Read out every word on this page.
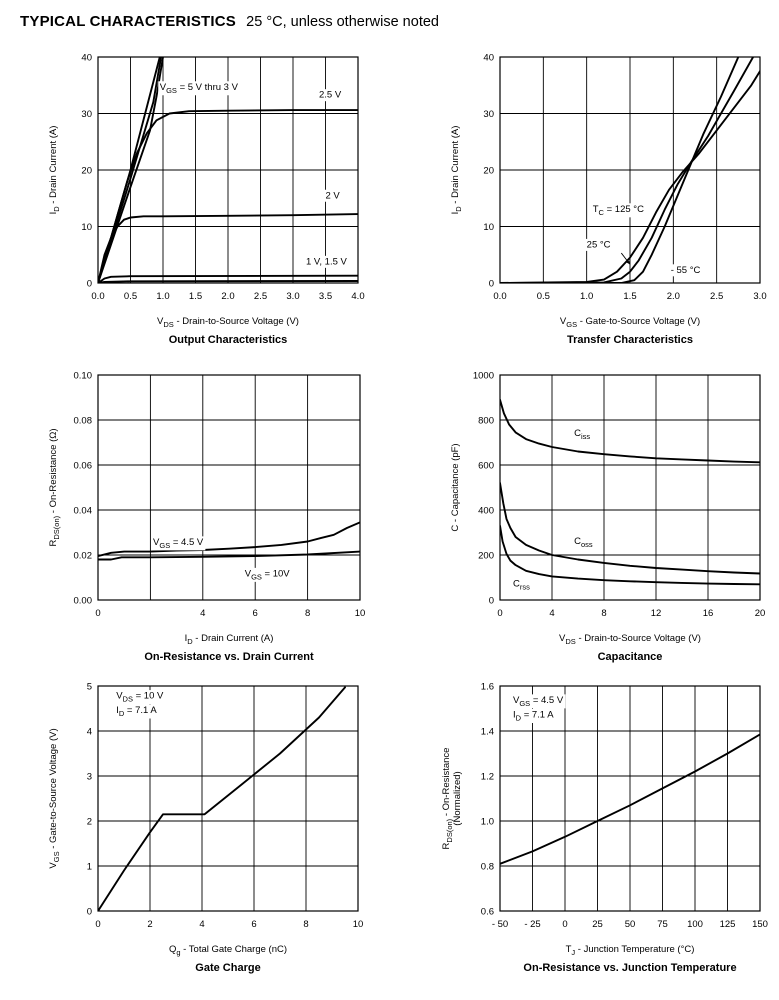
TYPICAL CHARACTERISTICS 25 °C, unless otherwise noted
0.0 0.5 1.0 1.5 2.0 2.5 3.0 3.5 4.0
0
10
20
30
40
VGS = 5 V thru 3 V
2.5 V
2 V
1 V, 1.5 V
VDS - Drain-to-Source Voltage (V)
ID - Drain Current (A)
Output Characteristics
0.0	0.5	1.0	1.5	2.0	2.5	3.0
0
10
20
30
40
TC = 125 °C
25 °C
- 55 °C
VGS - Gate-to-Source Voltage (V)
ID - Drain Current (A)
Transfer Characteristics
0	4	6	8	10
0.00
0.02
0.04
0.06
0.08
0.10
VGS = 4.5 V
VGS = 10V
ID - Drain Current (A)
RDS(on) - On-Resistance (Ω)
On-Resistance vs. Drain Current
0	4	8	12	16	20
0
200
400
600
800
1000
Ciss
Coss
Crss
VDS - Drain-to-Source Voltage (V)
C - Capacitance (pF)
Capacitance
0	2	4	6	8	10
0
1
2
3
4
5
VDS = 10 V
ID = 7.1 A
Qg - Total Gate Charge (nC)
VGS - Gate-to-Source Voltage (V)
Gate Charge
- 50 - 25 0	25 50 75 100 125 150
0.6
0.8
1.0
1.2
1.4
1.6
VGS = 4.5 V
ID = 7.1 A
TJ - Junction Temperature (°C)
RDS(on) - On-Resistance (Normalized)
On-Resistance vs. Junction Temperature
